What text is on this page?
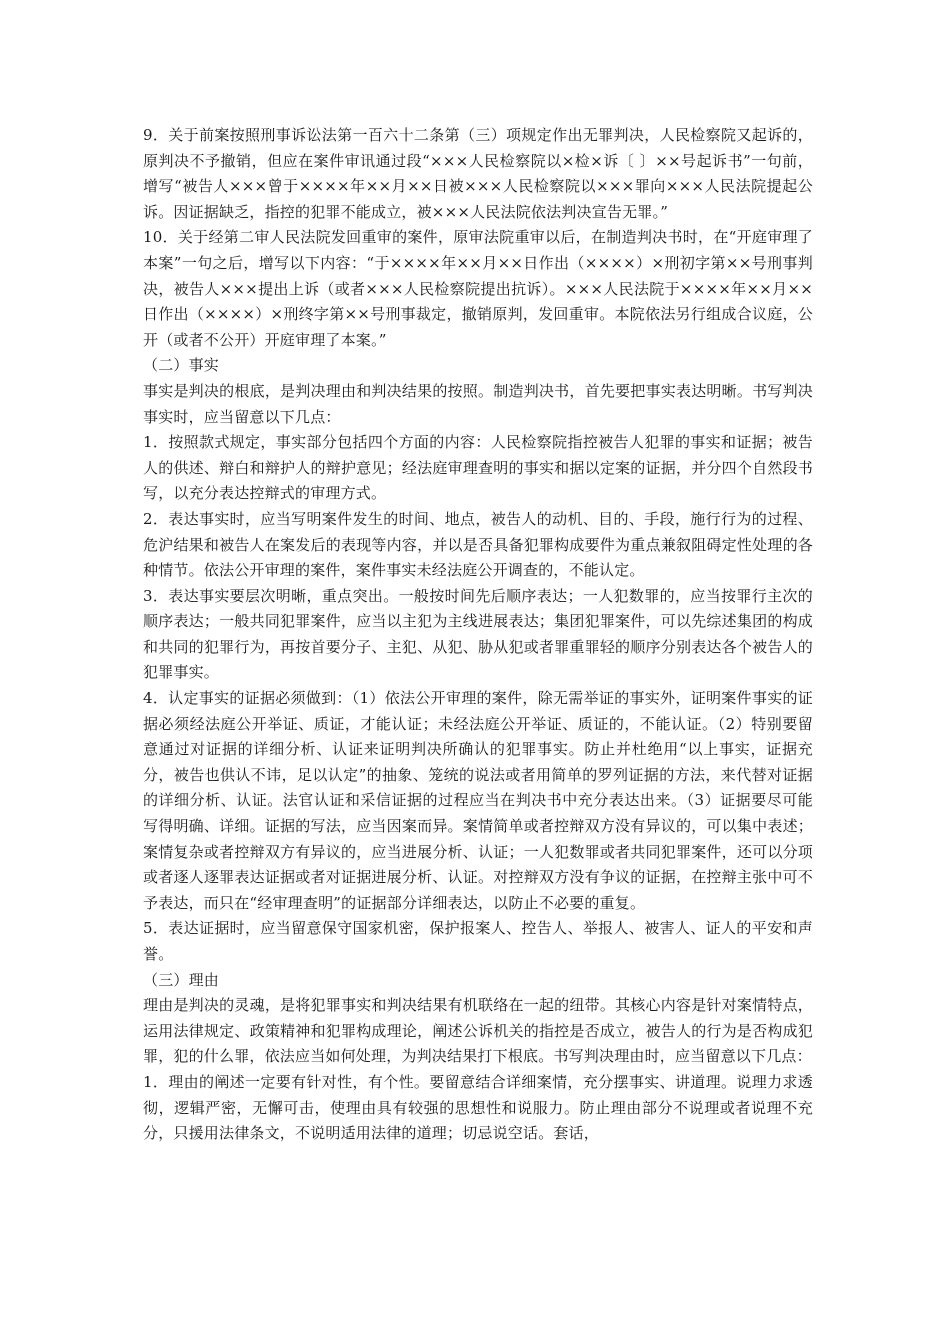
9．关于前案按照刑事诉讼法第一百六十二条第（三）项规定作出无罪判决，人民检察院又起诉的，原判决不予撤销，但应在案件审讯通过段“×××人民检察院以×检×诉〔 〕××号起诉书”一句前，增写“被告人×××曾于××××年××月××日被×××人民检察院以×××罪向×××人民法院提起公诉。因证据缺乏，指控的犯罪不能成立，被×××人民法院依法判决宣告无罪。”

10．关于经第二审人民法院发回重审的案件，原审法院重审以后，在制造判决书时，在“开庭审理了本案”一句之后，增写以下内容：“于××××年××月××日作出（××××）×刑初字第××号刑事判决，被告人×××提出上诉（或者×××人民检察院提出抗诉）。×××人民法院于××××年××月××日作出（××××）×刑终字第××号刑事裁定，撤销原判，发回重审。本院依法另行组成合议庭，公开（或者不公开）开庭审理了本案。”

（二）事实

事实是判决的根底，是判决理由和判决结果的按照。制造判决书，首先要把事实表达明晰。书写判决事实时，应当留意以下几点：

1．按照款式规定，事实部分包括四个方面的内容：人民检察院指控被告人犯罪的事实和证据；被告人的供述、辩白和辩护人的辩护意见；经法庭审理查明的事实和据以定案的证据，并分四个自然段书写，以充分表达控辩式的审理方式。

2．表达事实时，应当写明案件发生的时间、地点，被告人的动机、目的、手段，施行行为的过程、危沪结果和被告人在案发后的表现等内容，并以是否具备犯罪构成要件为重点兼叙阻碍定性处理的各种情节。依法公开审理的案件，案件事实未经法庭公开调查的，不能认定。

3．表达事实要层次明晰，重点突出。一般按时间先后顺序表达；一人犯数罪的，应当按罪行主次的顺序表达；一般共同犯罪案件，应当以主犯为主线进展表达；集团犯罪案件，可以先综述集团的构成和共同的犯罪行为，再按首要分子、主犯、从犯、胁从犯或者罪重罪轻的顺序分别表达各个被告人的犯罪事实。

4．认定事实的证据必须做到：（1）依法公开审理的案件，除无需举证的事实外，证明案件事实的证据必须经法庭公开举证、质证，才能认证；未经法庭公开举证、质证的，不能认证。（2）特别要留意通过对证据的详细分析、认证来证明判决所确认的犯罪事实。防止并杜绝用“以上事实，证据充分，被告也供认不讳，足以认定”的抽象、笼统的说法或者用简单的罗列证据的方法，来代替对证据的详细分析、认证。法官认证和采信证据的过程应当在判决书中充分表达出来。（3）证据要尽可能写得明确、详细。证据的写法，应当因案而异。案情简单或者控辩双方没有异议的，可以集中表述；案情复杂或者控辩双方有异议的，应当进展分析、认证；一人犯数罪或者共同犯罪案件，还可以分项或者逐人逐罪表达证据或者对证据进展分析、认证。对控辩双方没有争议的证据，在控辩主张中可不予表达，而只在“经审理查明”的证据部分详细表达，以防止不必要的重复。

5．表达证据时，应当留意保守国家机密，保护报案人、控告人、举报人、被害人、证人的平安和声誉。

（三）理由

理由是判决的灵魂，是将犯罪事实和判决结果有机联络在一起的纽带。其核心内容是针对案情特点，运用法律规定、政策精神和犯罪构成理论，阐述公诉机关的指控是否成立，被告人的行为是否构成犯罪，犯的什么罪，依法应当如何处理，为判决结果打下根底。书写判决理由时，应当留意以下几点：

1．理由的阐述一定要有针对性，有个性。要留意结合详细案情，充分摆事实、讲道理。说理力求透彻，逻辑严密，无懈可击，使理由具有较强的思想性和说服力。防止理由部分不说理或者说理不充分，只援用法律条文，不说明适用法律的道理；切忌说空话。套话，
